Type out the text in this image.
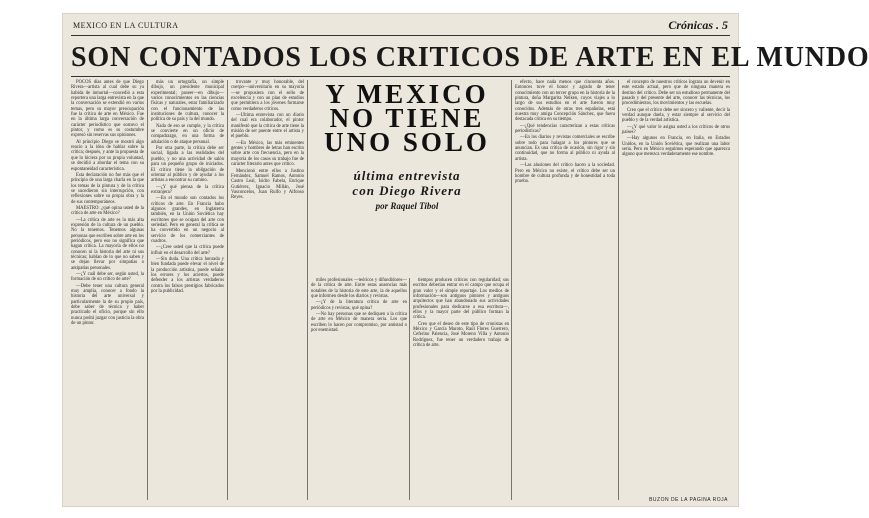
MEXICO EN LA CULTURA	Crónicas . 5
SON CONTADOS LOS CRITICOS DE ARTE EN EL MUNDO

POCOS días antes de que Diego Rivera—artista al cual debe su ya habida de inmortal—concedió a esta reportera una larga entrevista en la que la conversación se extendió en varios temas, pero su mayor preocupación fue la crítica de arte en México. Fue en la última larga conversación de carácter periodístico que sostuvo el pintor, y como es su costumbre expresó sin reservas sus opiniones.

Al principio Diego se mostró algo reacio a la idea de hablar sobre la crítica; después, y ante la propuesta de que lo hiciera por su propia voluntad, se decidió a abordar el tema con su espontaneidad característica.

Esta declaración no fue más que el principio de una larga charla en la que los temas de la pintura y de la crítica se sucedieron sin interrupción, con reflexiones sobre su propia obra y la de sus contemporáneos.

MAESTRO: ¿qué opina usted de la crítica de arte en México?

—La crítica de arte es la más alta expresión de la cultura de un pueblo. No la tenemos. Tenemos algunas personas que escriben sobre arte en los periódicos, pero eso no significa que hagan crítica. La mayoría de ellos no conocen ni la historia del arte ni sus técnicas; hablan de lo que no saben y se dejan llevar por simpatías o antipatías personales.

—¿Y cuál debe ser, según usted, la formación de un crítico de arte?

—Debe tener una cultura general muy amplia, conocer a fondo la historia del arte universal y particularmente la de su propio país, debe saber de técnica y haber practicado el oficio, porque sin ello nunca podrá juzgar con justicia la obra de un pintor.

más un ortografía, un simple dibujo, un presidente municipal experimental; poseer—en dibujo—varios conocimientos en las ciencias físicas y naturales, estar familiarizado con el funcionamiento de las instituciones de cultura, conocer la política de su país y la del mundo.

Nada de eso se cumple, y la crítica se convierte en un oficio de compadrazgo, en una forma de adulación o de ataque personal.

Por otra parte, la crítica debe ser social, ligada a las realidades del pueblo, y no una actividad de salón para un pequeño grupo de iniciados. El crítico tiene la obligación de orientar al público y de ayudar a los artistas a encontrar su camino.

—¿Y qué piensa de la crítica extranjera?

—En el mundo son contados los críticos de arte. En Francia hubo algunos grandes, en Inglaterra también, en la Unión Soviética hay escritores que se ocupan del arte con seriedad. Pero en general la crítica se ha convertido en un negocio al servicio de los comerciantes de cuadros.

—¿Cree usted que la crítica puede influir en el desarrollo del arte?

—Sin duda. Una crítica honrada y bien fundada puede elevar el nivel de la producción artística, puede señalar los errores y los aciertos, puede defender a los artistas verdaderos contra los falsos prestigios fabricados por la publicidad.

trovante y muy honorable, del cuerpo—universitario en su mayoría—se propusiera con el sello de excelencia y con un plan de estudios que permitiera a los jóvenes formarse como verdaderos críticos.

—Ultima entrevista con un diario del cual era colaborador, el pintor manifestó que la critica de arte tiene la misión de ser puente entre el artista y el pueblo.

—En México, las más eminentes gentes y hombres de letras han escrito sobre arte con frecuencia, pero en la mayoría de los casos su trabajo fue de carácter literario antes que crítico.

Mencionó entre ellos a Justino Fernández, Samuel Ramos, Antonio Castro Leal, Isidro Fabela, Enrique Gutiérrez, Ignacio Millán, José Vasconcelos, Juan Rulfo y Alfonso Reyes.

Y MEXICO
NO TIENE
UNO SOLO
última entrevista
con Diego Rivera
por Raquel Tibol

miles profesionales —teóricos y difundidores— de la crítica de arte. Entre estas ausencias más notables de la historia de este arte, la de aquellos que informen desde los diarios y revistas.

—¿Y de la literatura crítica de arte en periódicos y revistas, qué opina?

—No hay personas que se dediquen a la crítica de arte en México de manera seria. Los que escriben lo hacen por compromiso, por amistad o por enemistad.

tiempos producen críticos con regularidad; sus escritos deberían entrar en el campo que ocupa el gran valor y el simple reportaje. Los medios de información—son antiguos pintores y antiguos arquitectos que han abandonado sus actividades profesionales para dedicarse a esa escritura—, ellos y la mayor parte del público forman la crítica.

Creo que el deseo de este tipo de cronistas en México y García Maroto, Raúl Flores Guerrero, Ceferino Palencia, José Moreno Villa y Antonio Rodríguez, fue tener un verdadero trabajo de crítica de arte.

efecto, hace nada menos que cincuenta años. Entonces tuve el honor y agrado de tener conocimiento con un tercer grupo en la historia de la pintura, doña Margarita Nelken, cuyos viajes a lo largo de sus estudios en el arte fueron muy conocidos. Además de otras tres españolas, está nuestra muy amiga Concepción Sánchez, que fuera destacada crítica en su tiempo.

—¿Qué tendencias caracterizan a estas críticas periodísticas?

—En los diarios y revistas comerciales se escribe sobre todo para halagar a los pintores que se anuncian. Es una crítica de ocasión, sin rigor y sin continuidad, que no forma al público ni ayuda al artista.

—Las alusiones del crítico hacen a la sociedad. Pero en México no existe, el crítico debe ser un hombre de cultura profunda y de honestidad a toda prueba.

el concepto de nuestros críticos lograra un devenir en este estado actual, pero que de ninguna manera es destino del crítico. Debe ser un estudioso permanente del pasado y del presente del arte, conocer las técnicas, los procedimientos, los movimientos y las escuelas.

Creo que el crítico debe ser sincero y valiente, decir la verdad aunque duela, y estar siempre al servicio del pueblo y de la verdad artística.

—¿Y qué valor le asigna usted a los críticos de otros países?

—Hay algunos en Francia, en Italia, en Estados Unidos, en la Unión Soviética, que realizan una labor seria. Pero en México seguimos esperando que aparezca alguno que merezca verdaderamente ese nombre.

BUZON DE LA PAGINA ROJA
